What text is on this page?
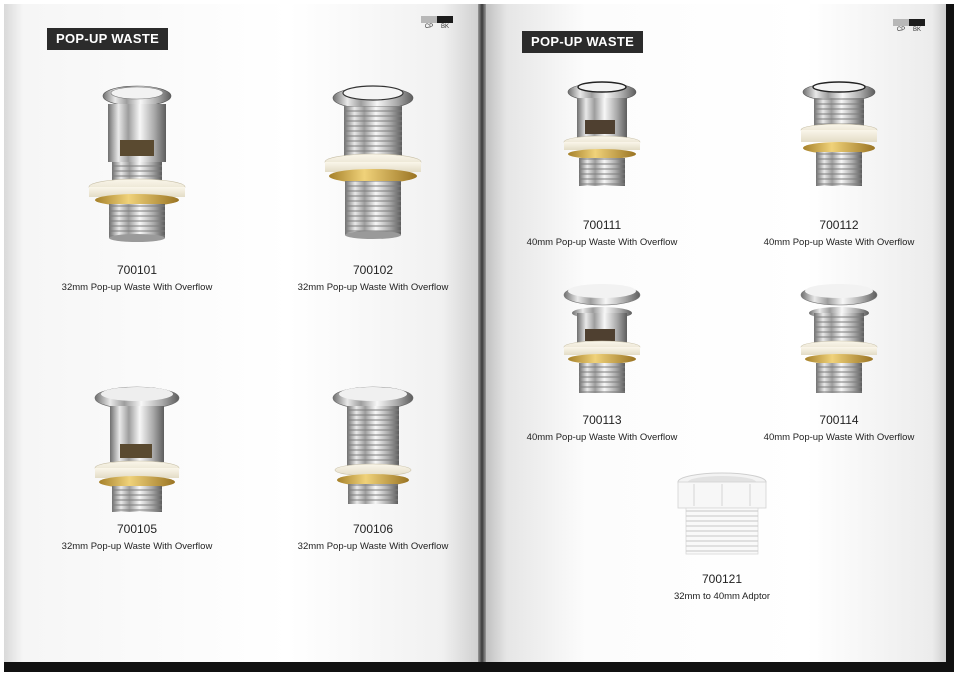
POP-UP WASTE	POP-UP WASTE
CP	BK	CP	BK
700101
32mm Pop-up Waste With Overflow
700102
32mm Pop-up Waste With Overflow
700105
32mm Pop-up Waste With Overflow
700106
32mm Pop-up Waste With Overflow
700111
40mm Pop-up Waste With Overflow
700112
40mm Pop-up Waste With Overflow
700113
40mm Pop-up Waste With Overflow
700114
40mm Pop-up Waste With Overflow
700121
32mm to 40mm Adptor
